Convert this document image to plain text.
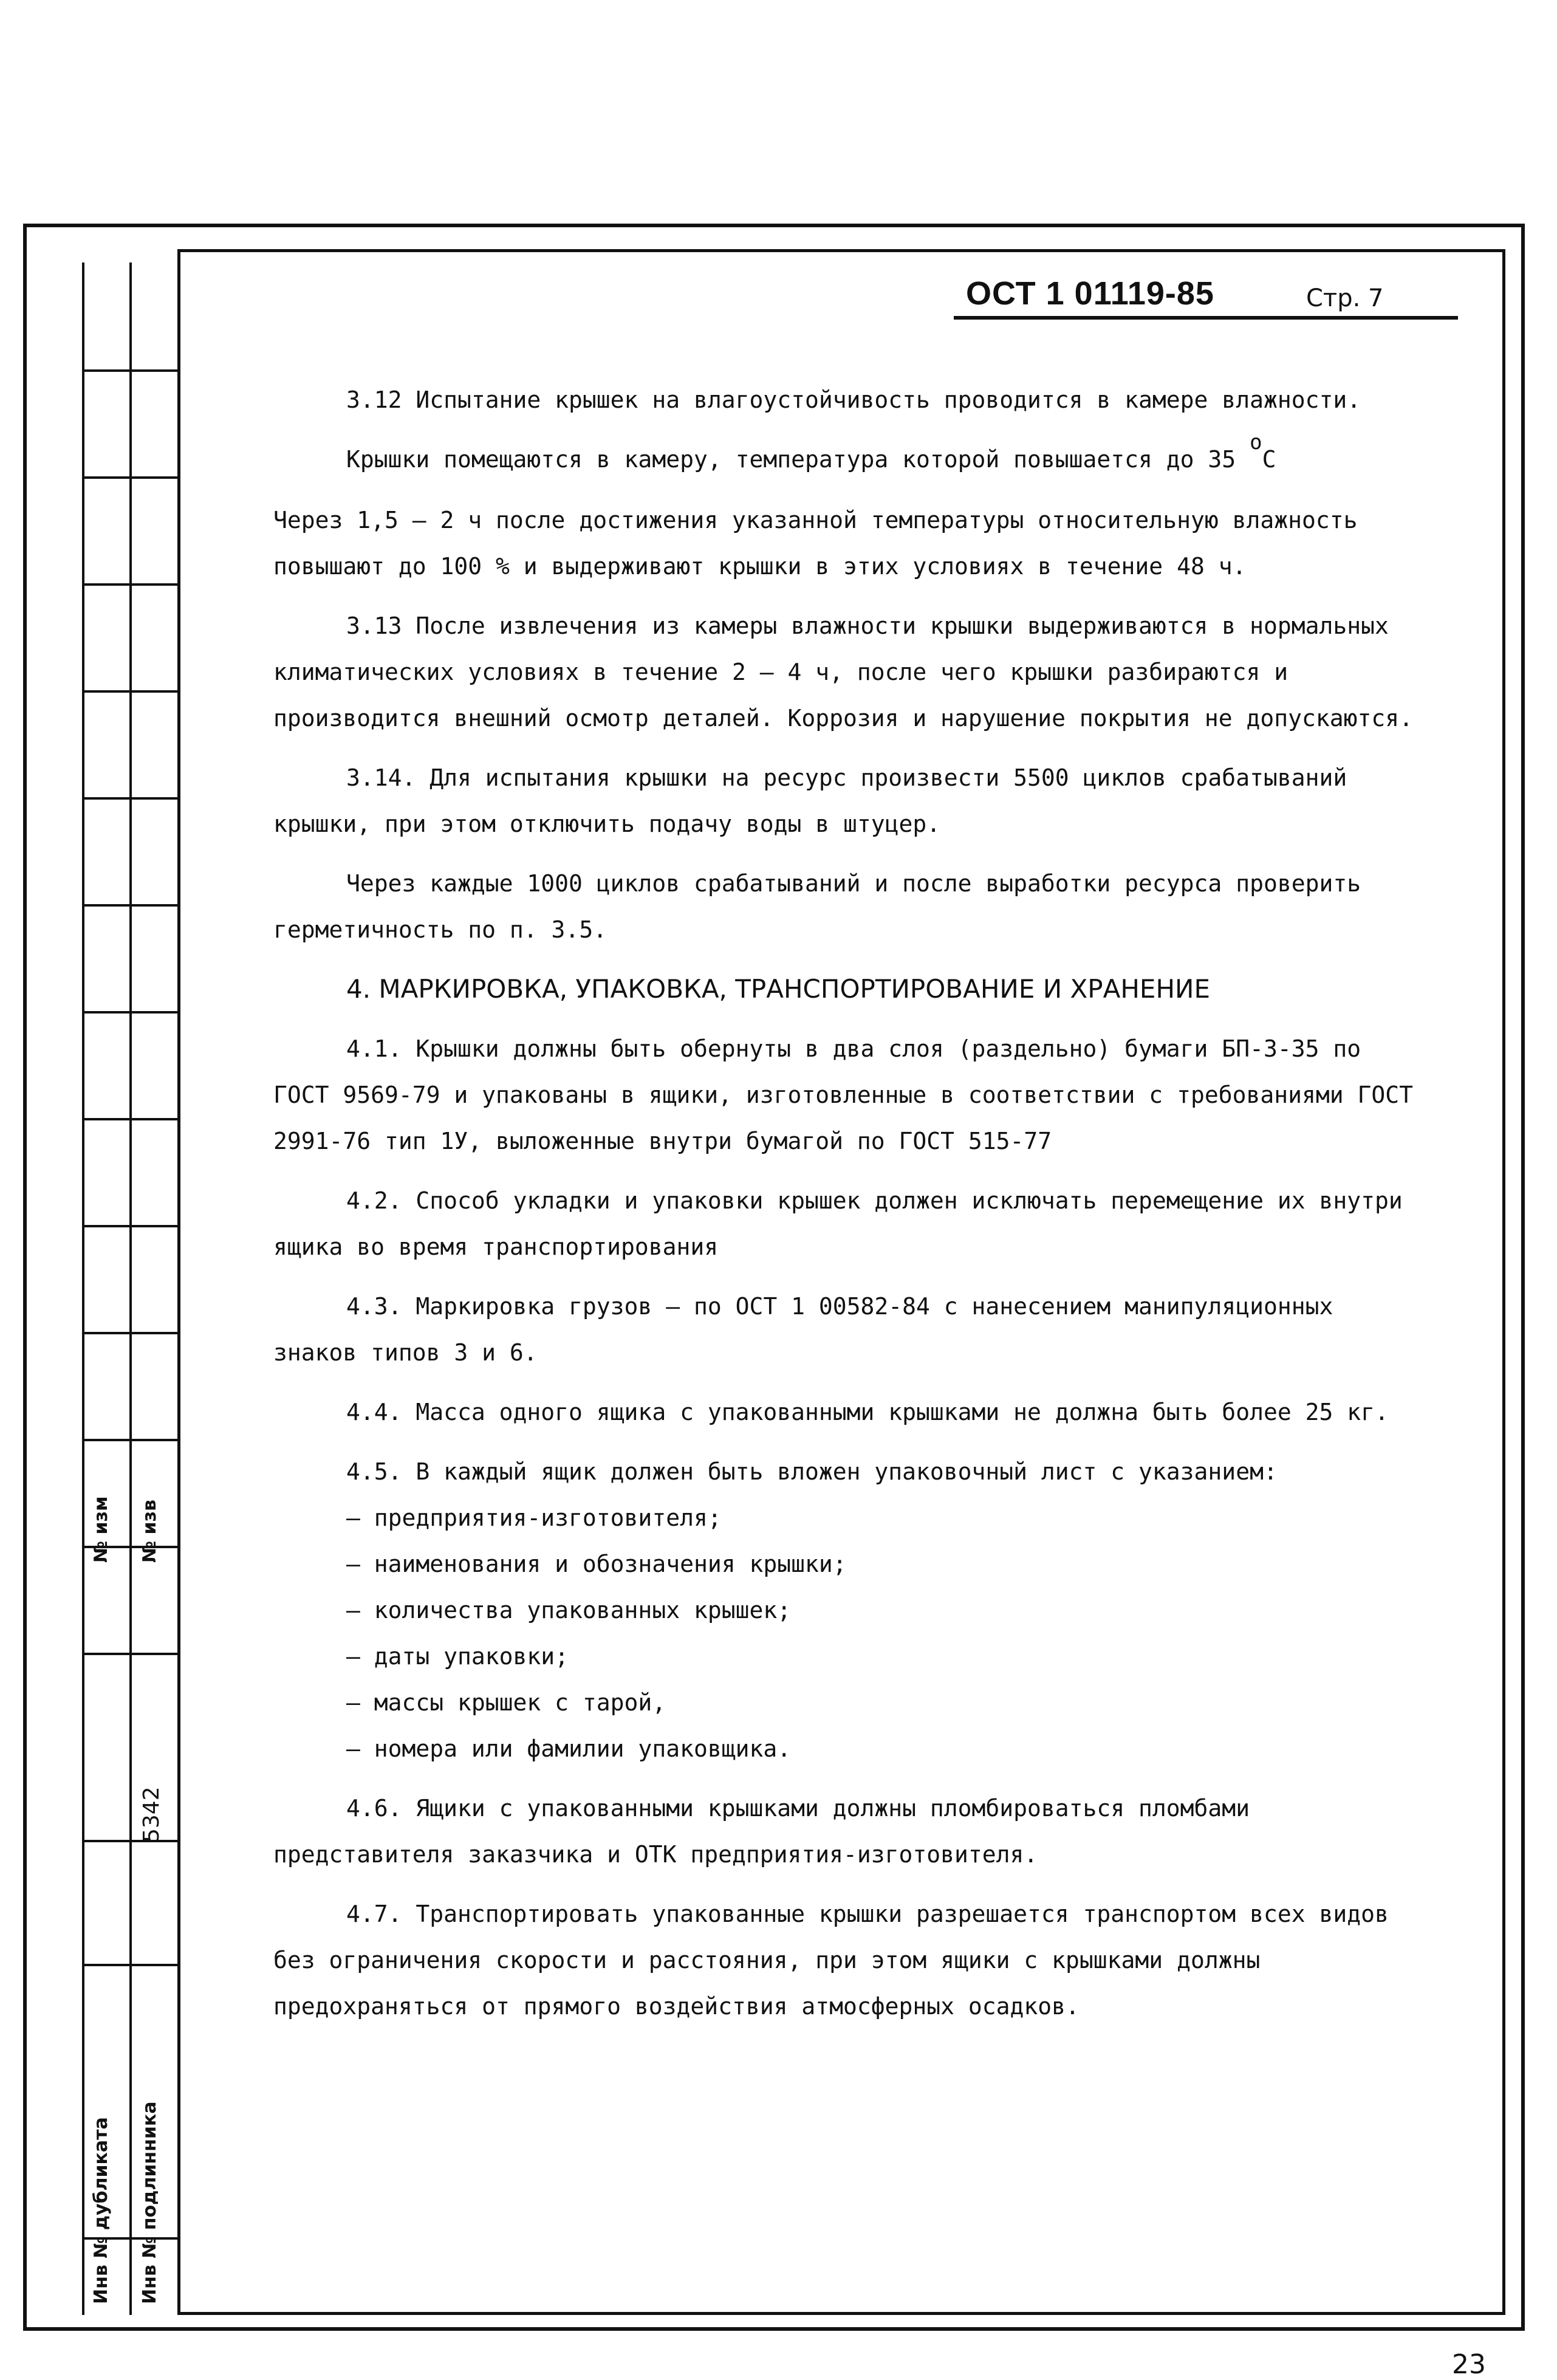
№ изм № изв
5342
Инв № дубликата Инв № подлинника
ОСТ 1 01119-85	Стр. 7

3.12 Испытание крышек на влагоустойчивость проводится в камере влажности.

Крышки помещаются в камеру, температура которой повышается до 35 оС

Через 1,5 – 2 ч после достижения указанной температуры относительную влажность повышают до 100 % и выдерживают крышки в этих условиях в течение 48 ч.

3.13 После извлечения из камеры влажности крышки выдерживаются в нормальных климатических условиях в течение 2 – 4 ч, после чего крышки разбираются и производится внешний осмотр деталей. Коррозия и нарушение покрытия не допускаются.

3.14. Для испытания крышки на ресурс произвести 5500 циклов срабатываний крышки, при этом отключить подачу воды в штуцер.

Через каждые 1000 циклов срабатываний и после выработки ресурса проверить герметичность по п. 3.5.

4. МАРКИРОВКА, УПАКОВКА, ТРАНСПОРТИРОВАНИЕ И ХРАНЕНИЕ

4.1. Крышки должны быть обернуты в два слоя (раздельно) бумаги БП-3-35 по ГОСТ 9569-79 и упакованы в ящики, изготовленные в соответствии с требованиями ГОСТ 2991-76 тип 1У, выложенные внутри бумагой по ГОСТ 515-77

4.2. Способ укладки и упаковки крышек должен исключать перемещение их внутри ящика во время транспортирования

4.3. Маркировка грузов – по ОСТ 1 00582-84 с нанесением манипуляционных знаков типов 3 и 6.

4.4. Масса одного ящика с упакованными крышками не должна быть более 25 кг.

4.5. В каждый ящик должен быть вложен упаковочный лист с указанием:

– предприятия-изготовителя;

– наименования и обозначения крышки;

– количества упакованных крышек;

– даты упаковки;

– массы крышек с тарой,

– номера или фамилии упаковщика.

4.6. Ящики с упакованными крышками должны пломбироваться пломбами представителя заказчика и ОТК предприятия-изготовителя.

4.7. Транспортировать упакованные крышки разрешается транспортом всех видов без ограничения скорости и расстояния, при этом ящики с крышками должны предохраняться от прямого воздействия атмосферных осадков.

23
